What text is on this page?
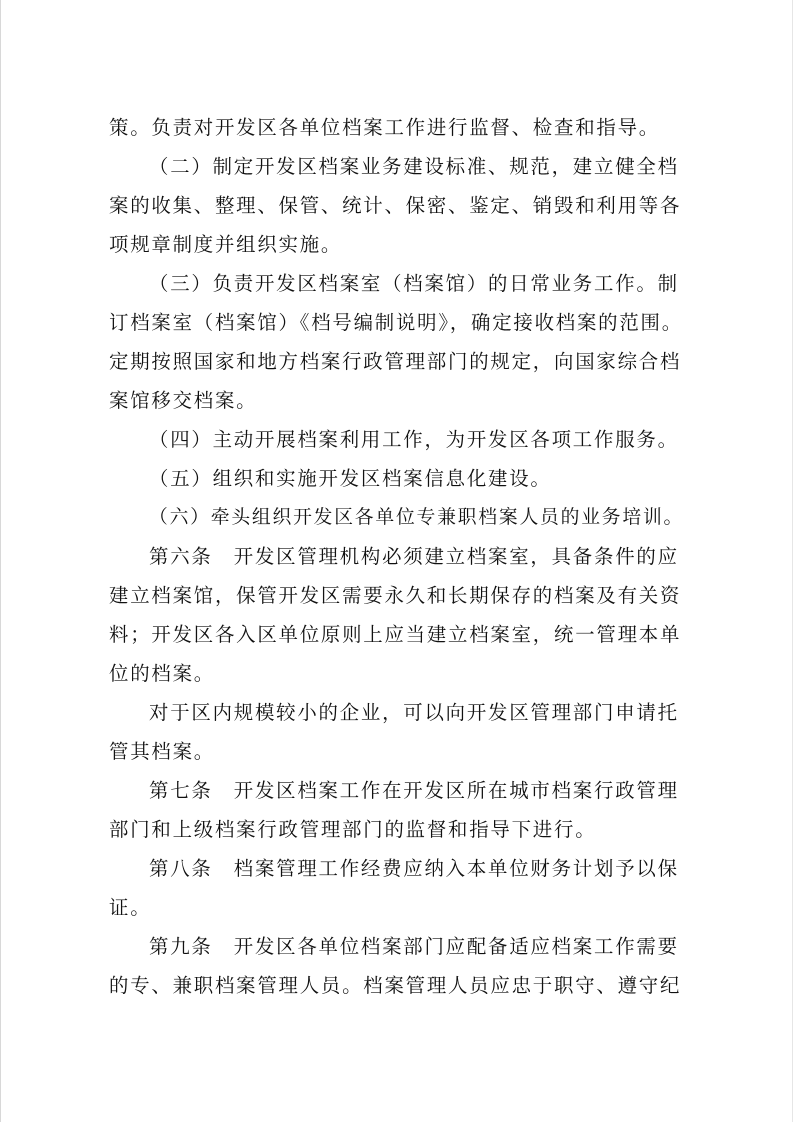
策。负责对开发区各单位档案工作进行监督、检查和指导。
（二）制定开发区档案业务建设标准、规范，建立健全档
案的收集、整理、保管、统计、保密、鉴定、销毁和利用等各
项规章制度并组织实施。
（三）负责开发区档案室（档案馆）的日常业务工作。制
订档案室（档案馆）《档号编制说明》，确定接收档案的范围。
定期按照国家和地方档案行政管理部门的规定，向国家综合档
案馆移交档案。
（四）主动开展档案利用工作，为开发区各项工作服务。
（五）组织和实施开发区档案信息化建设。
（六）牵头组织开发区各单位专兼职档案人员的业务培训。
第六条　开发区管理机构必须建立档案室，具备条件的应
建立档案馆，保管开发区需要永久和长期保存的档案及有关资
料；开发区各入区单位原则上应当建立档案室，统一管理本单
位的档案。
对于区内规模较小的企业，可以向开发区管理部门申请托
管其档案。
第七条　开发区档案工作在开发区所在城市档案行政管理
部门和上级档案行政管理部门的监督和指导下进行。
第八条　档案管理工作经费应纳入本单位财务计划予以保
证。
第九条　开发区各单位档案部门应配备适应档案工作需要
的专、兼职档案管理人员。档案管理人员应忠于职守、遵守纪
